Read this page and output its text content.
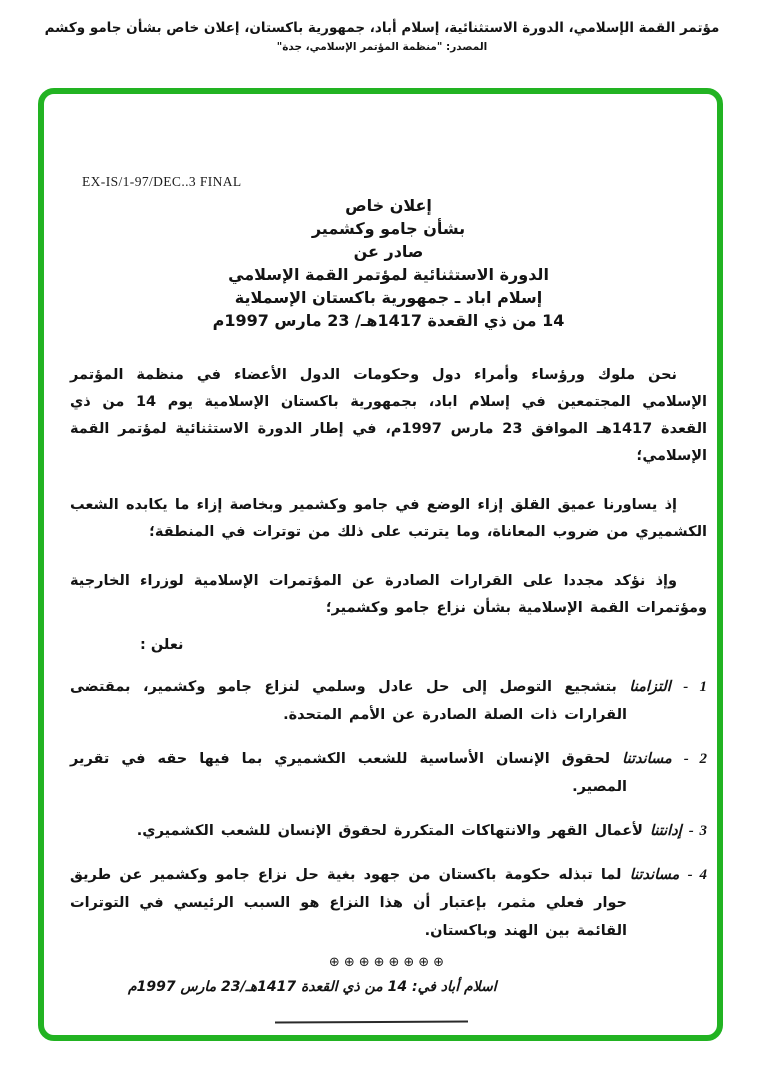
مؤتمر القمة الإسلامي، الدورة الاستثنائية، إسلام أباد، جمهورية باكستان، إعلان خاص بشأن جامو وكشم
المصدر: "منظمة المؤتمر الإسلامي، جدة"
EX-IS/1-97/DEC..3 FINAL
إعلان خاص
بشأن جامو وكشمير
صادر عن
الدورة الاستثنائية لمؤتمر القمة الإسلامي
إسلام اباد ـ جمهورية باكستان الإسملاية
14 من ذي القعدة 1417هـ/ 23 مارس 1997م

نحن ملوك ورؤساء وأمراء دول وحكومات الدول الأعضاء في منظمة المؤتمر الإسلامي المجتمعين في إسلام اباد، بجمهورية باكستان الإسلامية يوم 14 من ذي القعدة 1417هـ الموافق 23 مارس 1997م، في إطار الدورة الاستثنائية لمؤتمر القمة الإسلامي؛

إذ يساورنا عميق القلق إزاء الوضع في جامو وكشمير وبخاصة إزاء ما يكابده الشعب الكشميري من ضروب المعاناة، وما يترتب على ذلك من توترات في المنطقة؛

وإذ نؤكد مجددا على القرارات الصادرة عن المؤتمرات الإسلامية لوزراء الخارجية ومؤتمرات القمة الإسلامية بشأن نزاع جامو وكشمير؛

نعلن :
1 - التزامنا بتشجيع التوصل إلى حل عادل وسلمي لنزاع جامو وكشمير، بمقتضى القرارات ذات الصلة الصادرة عن الأمم المتحدة.
2 - مساندتنا لحقوق الإنسان الأساسية للشعب الكشميري بما فيها حقه في تقرير المصير.
3 - إدانتنا لأعمال القهر والانتهاكات المتكررة لحقوق الإنسان للشعب الكشميري.
4 - مساندتنا لما تبذله حكومة باكستان من جهود بغية حل نزاع جامو وكشمير عن طريق حوار فعلي مثمر، بإعتبار أن هذا النزاع هو السبب الرئيسي في التوترات القائمة بين الهند وباكستان.
⊕⊕⊕⊕⊕⊕⊕⊕
اسلام أباد في: 14 من ذي القعدة 1417هـ/23 مارس 1997م
